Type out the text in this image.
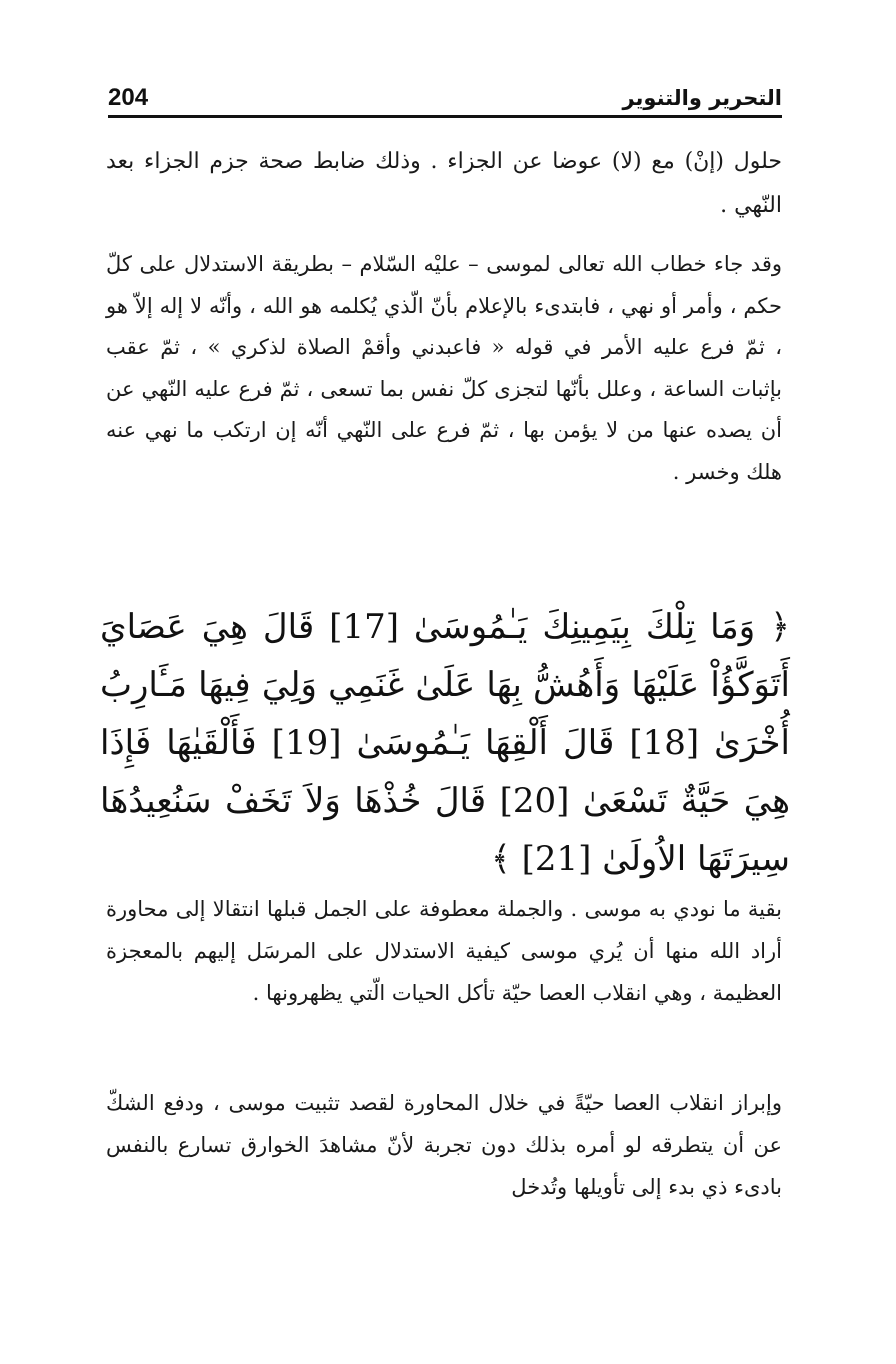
204	التحرير والتنوير

حلول (إنْ) مع (لا) عوضا عن الجزاء . وذلك ضابط صحة جزم الجزاء بعد النّهي .

وقد جاء خطاب الله تعالى لموسى – عليْه السّلام – بطريقة الاستدلال على كلّ حكم ، وأمر أو نهي ، فابتدىء بالإعلام بأنّ الّذي يُكلمه هو الله ، وأنّه لا إله إلاّ هو ، ثمّ فرع عليه الأمر في قوله « فاعبدني وأقمْ الصلاة لذكري » ، ثمّ عقب بإثبات الساعة ، وعلل بأنّها لتجزى كلّ نفس بما تسعى ، ثمّ فرع عليه النّهي عن أن يصده عنها من لا يؤمن بها ، ثمّ فرع على النّهي أنّه إن ارتكب ما نهي عنه هلك وخسر .

﴿ وَمَا تِلْكَ بِيَمِينِكَ يَـٰمُوسَىٰ [17] قَالَ هِيَ عَصَايَ أَتَوَكَّؤُاْ عَلَيْهَا وَأَهُشُّ بِهَا عَلَىٰ غَنَمِي وَلِيَ فِيهَا مَـَٔارِبُ أُخْرَىٰ [18] قَالَ أَلْقِهَا يَـٰمُوسَىٰ [19] فَأَلْقَيٰهَا فَإِذَا هِيَ حَيَّةٌ تَسْعَىٰ [20] قَالَ خُذْهَا وَلاَ تَخَفْ سَنُعِيدُهَا سِيرَتَهَا الاُولَىٰ [21] ﴾

بقية ما نودي به موسى . والجملة معطوفة على الجمل قبلها انتقالا إلى محاورة أراد الله منها أن يُري موسى كيفية الاستدلال على المرسَل إليهم بالمعجزة العظيمة ، وهي انقلاب العصا حيّة تأكل الحيات الّتي يظهرونها .

وإبراز انقلاب العصا حيّةً في خلال المحاورة لقصد تثبيت موسى ، ودفع الشكّ عن أن يتطرقه لو أمره بذلك دون تجربة لأنّ مشاهدَ الخوارق تسارع بالنفس بادىء ذي بدء إلى تأويلها وتُدخل
